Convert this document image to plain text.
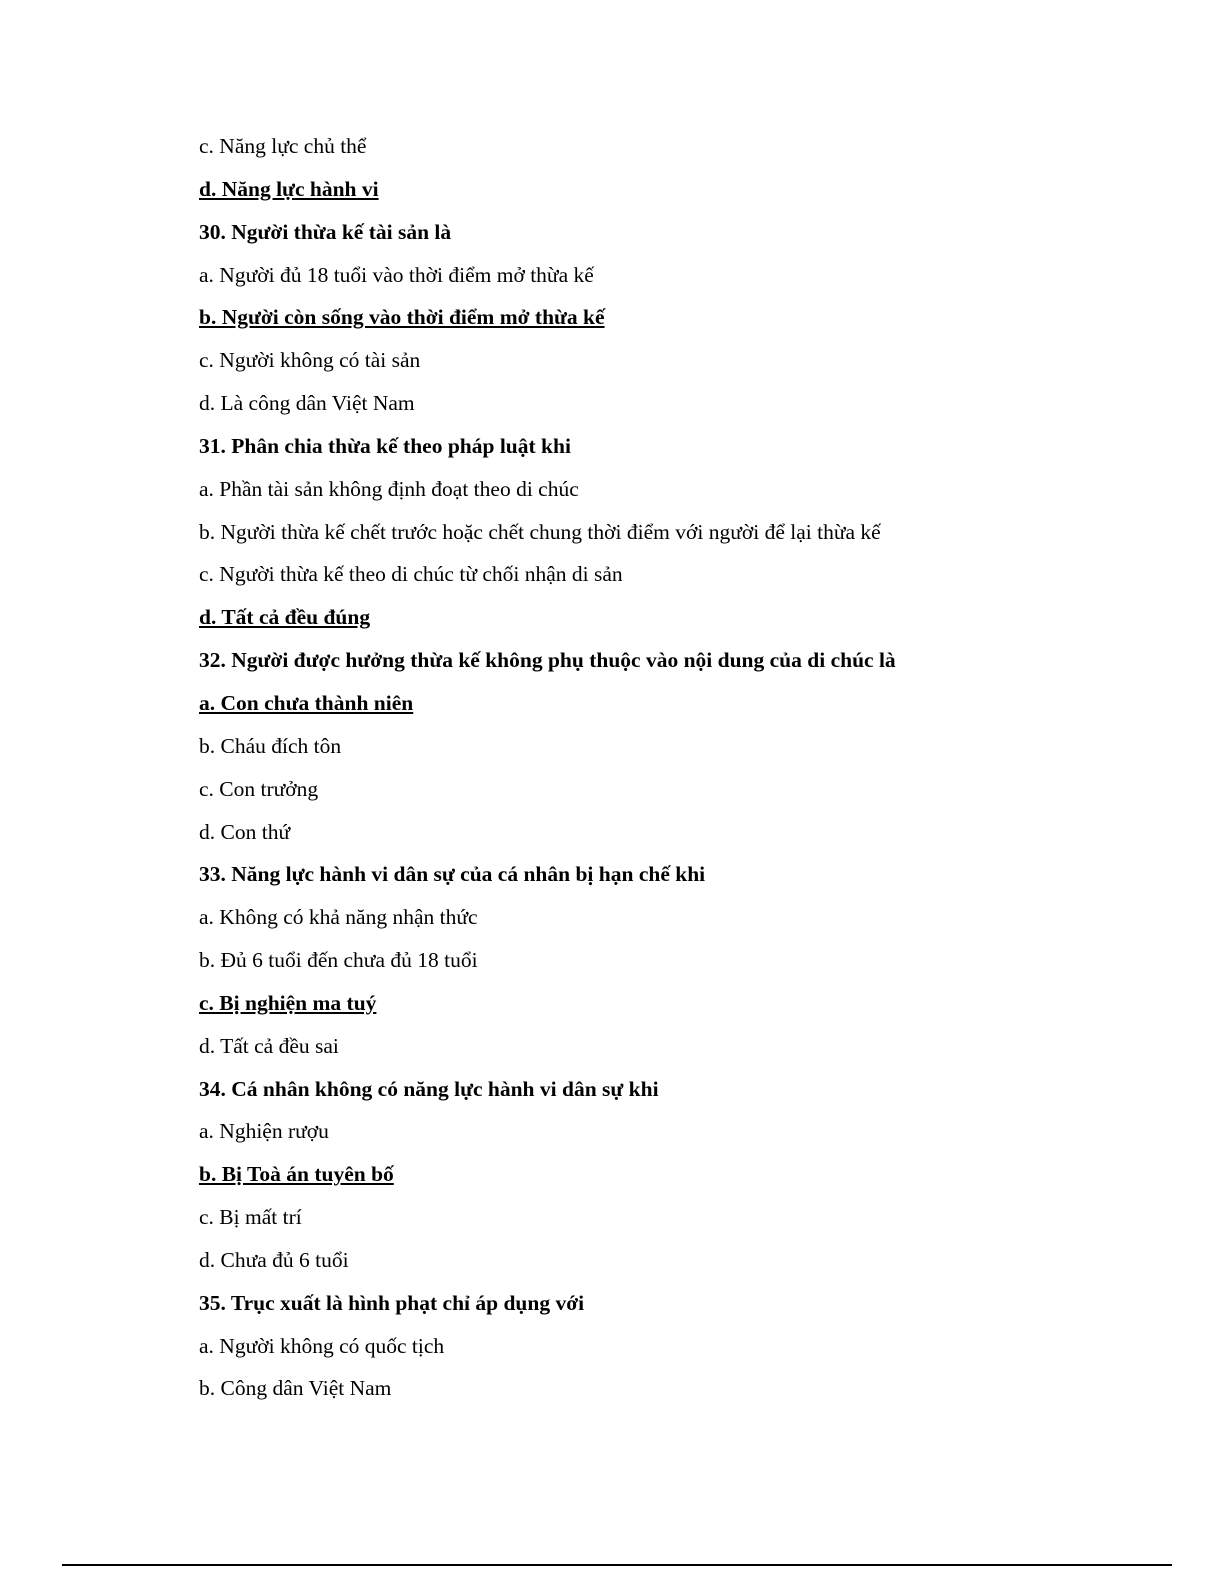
c. Năng lực chủ thể
d. Năng lực hành vi
30. Người thừa kế tài sản là
a. Người đủ 18 tuổi vào thời điểm mở thừa kế
b. Người còn sống vào thời điểm mở thừa kế
c. Người không có tài sản
d. Là công dân Việt Nam
31. Phân chia thừa kế theo pháp luật khi
a. Phần tài sản không định đoạt theo di chúc
b. Người thừa kế chết trước hoặc chết chung thời điểm với người để lại thừa kế
c. Người thừa kế theo di chúc từ chối nhận di sản
d. Tất cả đều đúng
32. Người được hưởng thừa kế không phụ thuộc vào nội dung của di chúc là
a. Con chưa thành niên
b. Cháu đích tôn
c. Con trưởng
d. Con thứ
33. Năng lực hành vi dân sự của cá nhân bị hạn chế khi
a. Không có khả năng nhận thức
b. Đủ 6 tuổi đến chưa đủ 18 tuổi
c. Bị nghiện ma tuý
d. Tất cả đều sai
34. Cá nhân không có năng lực hành vi dân sự khi
a. Nghiện rượu
b. Bị Toà án tuyên bố
c. Bị mất trí
d. Chưa đủ 6 tuổi
35. Trục xuất là hình phạt chỉ áp dụng với
a. Người không có quốc tịch
b. Công dân Việt Nam
